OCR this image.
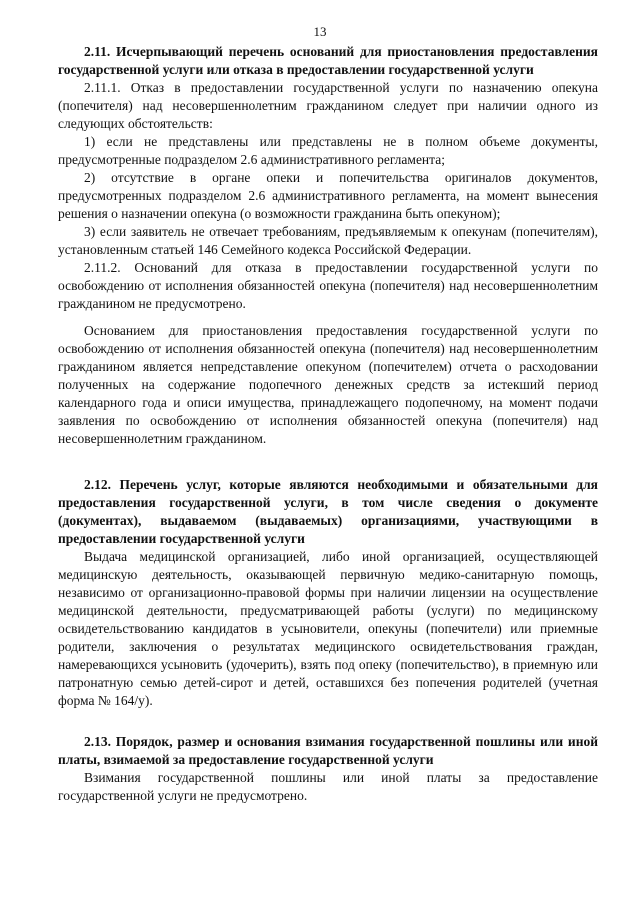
13

2.11. Исчерпывающий перечень оснований для приостановления предоставления государственной услуги или отказа в предоставлении государственной услуги

2.11.1. Отказ в предоставлении государственной услуги по назначению опекуна (попечителя) над несовершеннолетним гражданином следует при наличии одного из следующих обстоятельств:

1) если не представлены или представлены не в полном объеме документы, предусмотренные подразделом 2.6 административного регламента;

2) отсутствие в органе опеки и попечительства оригиналов документов, предусмотренных подразделом 2.6 административного регламента, на момент вынесения решения о назначении опекуна (о возможности гражданина быть опекуном);

3) если заявитель не отвечает требованиям, предъявляемым к опекунам (попечителям), установленным статьей 146 Семейного кодекса Российской Федерации.

2.11.2. Оснований для отказа в предоставлении государственной услуги по освобождению от исполнения обязанностей опекуна (попечителя) над несовершеннолетним гражданином не предусмотрено.

Основанием для приостановления предоставления государственной услуги по освобождению от исполнения обязанностей опекуна (попечителя) над несовершеннолетним гражданином является непредставление опекуном (попечителем) отчета о расходовании полученных на содержание подопечного денежных средств за истекший период календарного года и описи имущества, принадлежащего подопечному, на момент подачи заявления по освобождению от исполнения обязанностей опекуна (попечителя) над несовершеннолетним гражданином.

2.12. Перечень услуг, которые являются необходимыми и обязательными для предоставления государственной услуги, в том числе сведения о документе (документах), выдаваемом (выдаваемых) организациями, участвующими в предоставлении государственной услуги

Выдача медицинской организацией, либо иной организацией, осуществляющей медицинскую деятельность, оказывающей первичную медико-санитарную помощь, независимо от организационно-правовой формы при наличии лицензии на осуществление медицинской деятельности, предусматривающей работы (услуги) по медицинскому освидетельствованию кандидатов в усыновители, опекуны (попечители) или приемные родители, заключения о результатах медицинского освидетельствования граждан, намеревающихся усыновить (удочерить), взять под опеку (попечительство), в приемную или патронатную семью детей-сирот и детей, оставшихся без попечения родителей (учетная форма № 164/у).

2.13. Порядок, размер и основания взимания государственной пошлины или иной платы, взимаемой за предоставление государственной услуги

Взимания государственной пошлины или иной платы за предоставление государственной услуги не предусмотрено.
